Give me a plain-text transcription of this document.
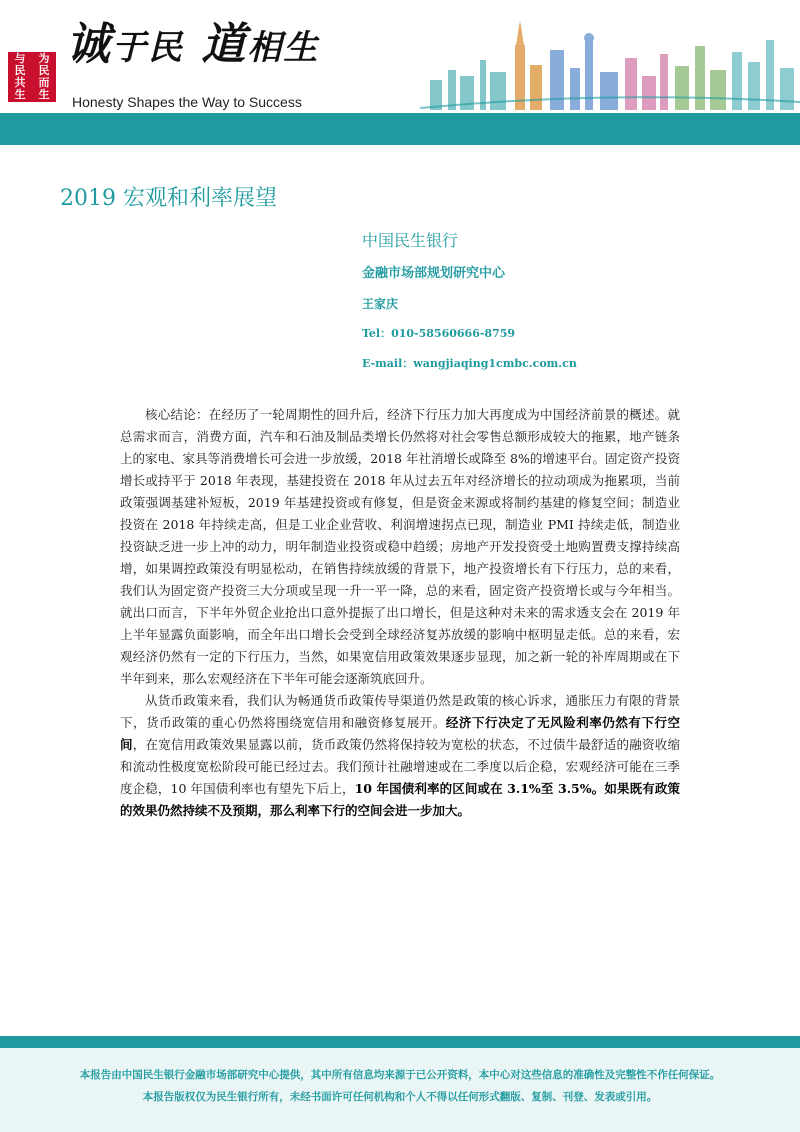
与 为
民 民
共 而
生 生
诚于民 道相生
Honesty Shapes the Way to Success
2019 宏观和利率展望
中国民生银行
金融市场部规划研究中心
王家庆
Tel：010-58560666-8759
E-mail：wangjiaqing1cmbc.com.cn

核心结论：在经历了一轮周期性的回升后，经济下行压力加大再度成为中国经济前景的概述。就总需求而言，消费方面，汽车和石油及制品类增长仍然将对社会零售总额形成较大的拖累，地产链条上的家电、家具等消费增长可会进一步放缓，2018 年社消增长或降至 8%的增速平台。固定资产投资增长或持平于 2018 年表现，基建投资在 2018 年从过去五年对经济增长的拉动项成为拖累项，当前政策强调基建补短板，2019 年基建投资或有修复，但是资金来源或将制约基建的修复空间；制造业投资在 2018 年持续走高，但是工业企业营收、利润增速拐点已现，制造业 PMI 持续走低，制造业投资缺乏进一步上冲的动力，明年制造业投资或稳中趋缓；房地产开发投资受土地购置费支撑持续高增，如果调控政策没有明显松动，在销售持续放缓的背景下，地产投资增长有下行压力，总的来看，我们认为固定资产投资三大分项或呈现一升一平一降，总的来看，固定资产投资增长或与今年相当。就出口而言，下半年外贸企业抢出口意外提振了出口增长，但是这种对未来的需求透支会在 2019 年上半年显露负面影响，而全年出口增长会受到全球经济复苏放缓的影响中枢明显走低。总的来看，宏观经济仍然有一定的下行压力，当然，如果宽信用政策效果逐步显现，加之新一轮的补库周期或在下半年到来，那么宏观经济在下半年可能会逐渐筑底回升。

从货币政策来看，我们认为畅通货币政策传导渠道仍然是政策的核心诉求，通胀压力有限的背景下，货币政策的重心仍然将围绕宽信用和融资修复展开。经济下行决定了无风险利率仍然有下行空间，在宽信用政策效果显露以前，货币政策仍然将保持较为宽松的状态，不过债牛最舒适的融资收缩和流动性极度宽松阶段可能已经过去。我们预计社融增速或在二季度以后企稳，宏观经济可能在三季度企稳，10 年国债利率也有望先下后上，10 年国债利率的区间或在 3.1%至 3.5%。如果既有政策的效果仍然持续不及预期，那么利率下行的空间会进一步加大。

本报告由中国民生银行金融市场部研究中心提供，其中所有信息均来源于已公开资料，本中心对这些信息的准确性及完整性不作任何保证。
本报告版权仅为民生银行所有，未经书面许可任何机构和个人不得以任何形式翻版、复制、刊登、发表或引用。
